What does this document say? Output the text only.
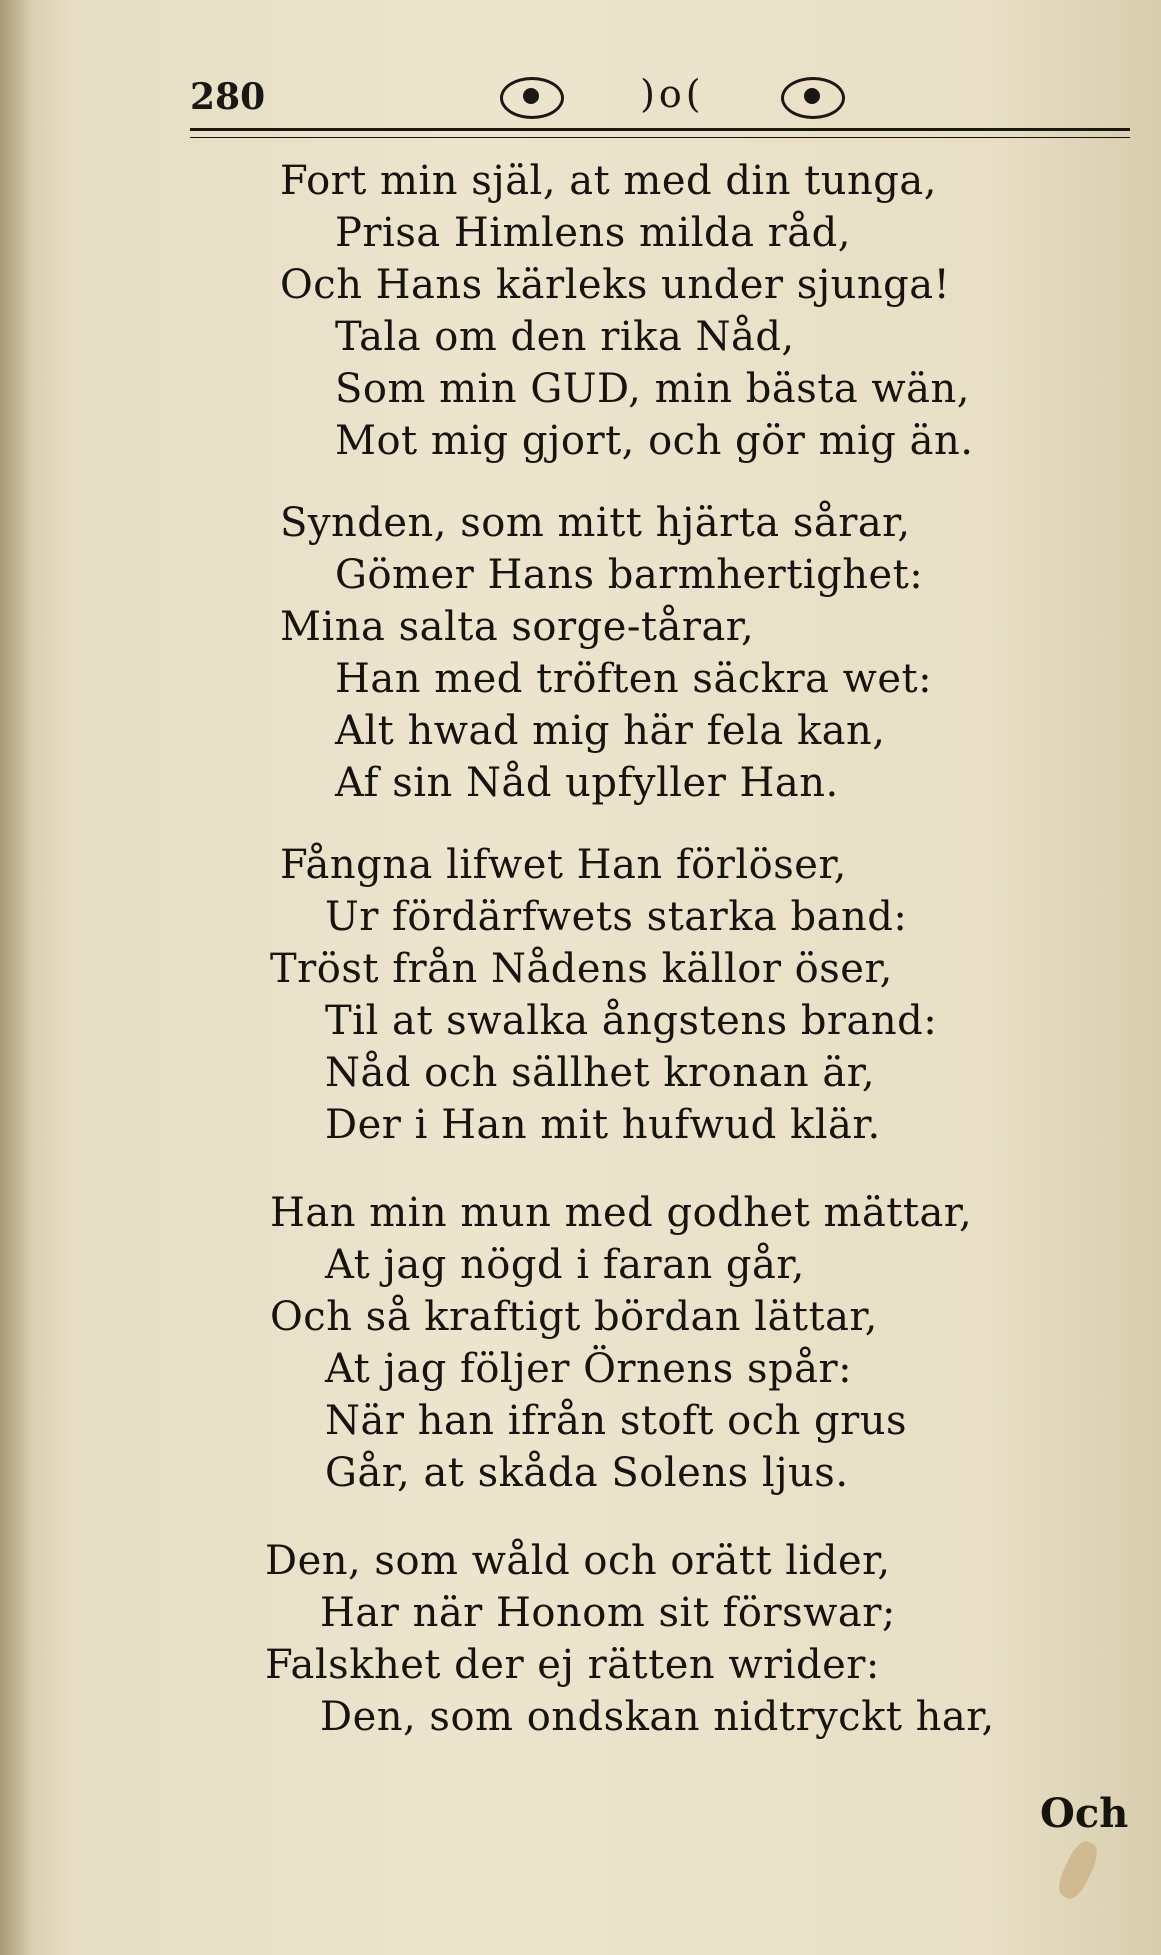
280	)o(
Fort min själ, at med din tunga,
Prisa Himlens milda råd,
Och Hans kärleks under sjunga!
Tala om den rika Nåd,
Som min GUD, min bästa wän,
Mot mig gjort, och gör mig än.
Synden, som mitt hjärta sårar,
Gömer Hans barmhertighet:
Mina salta sorge-tårar,
Han med tröften säckra wet:
Alt hwad mig här fela kan,
Af sin Nåd upfyller Han.
Fångna lifwet Han förlöser,
Ur fördärfwets starka band:
Tröst från Nådens källor öser,
Til at swalka ångstens brand:
Nåd och sällhet kronan är,
Der i Han mit hufwud klär.
Han min mun med godhet mättar,
At jag nögd i faran går,
Och så kraftigt bördan lättar,
At jag följer Örnens spår:
När han ifrån stoft och grus
Går, at skåda Solens ljus.
Den, som wåld och orätt lider,
Har när Honom sit förswar;
Falskhet der ej rätten wrider:
Den, som ondskan nidtryckt har,
Och
